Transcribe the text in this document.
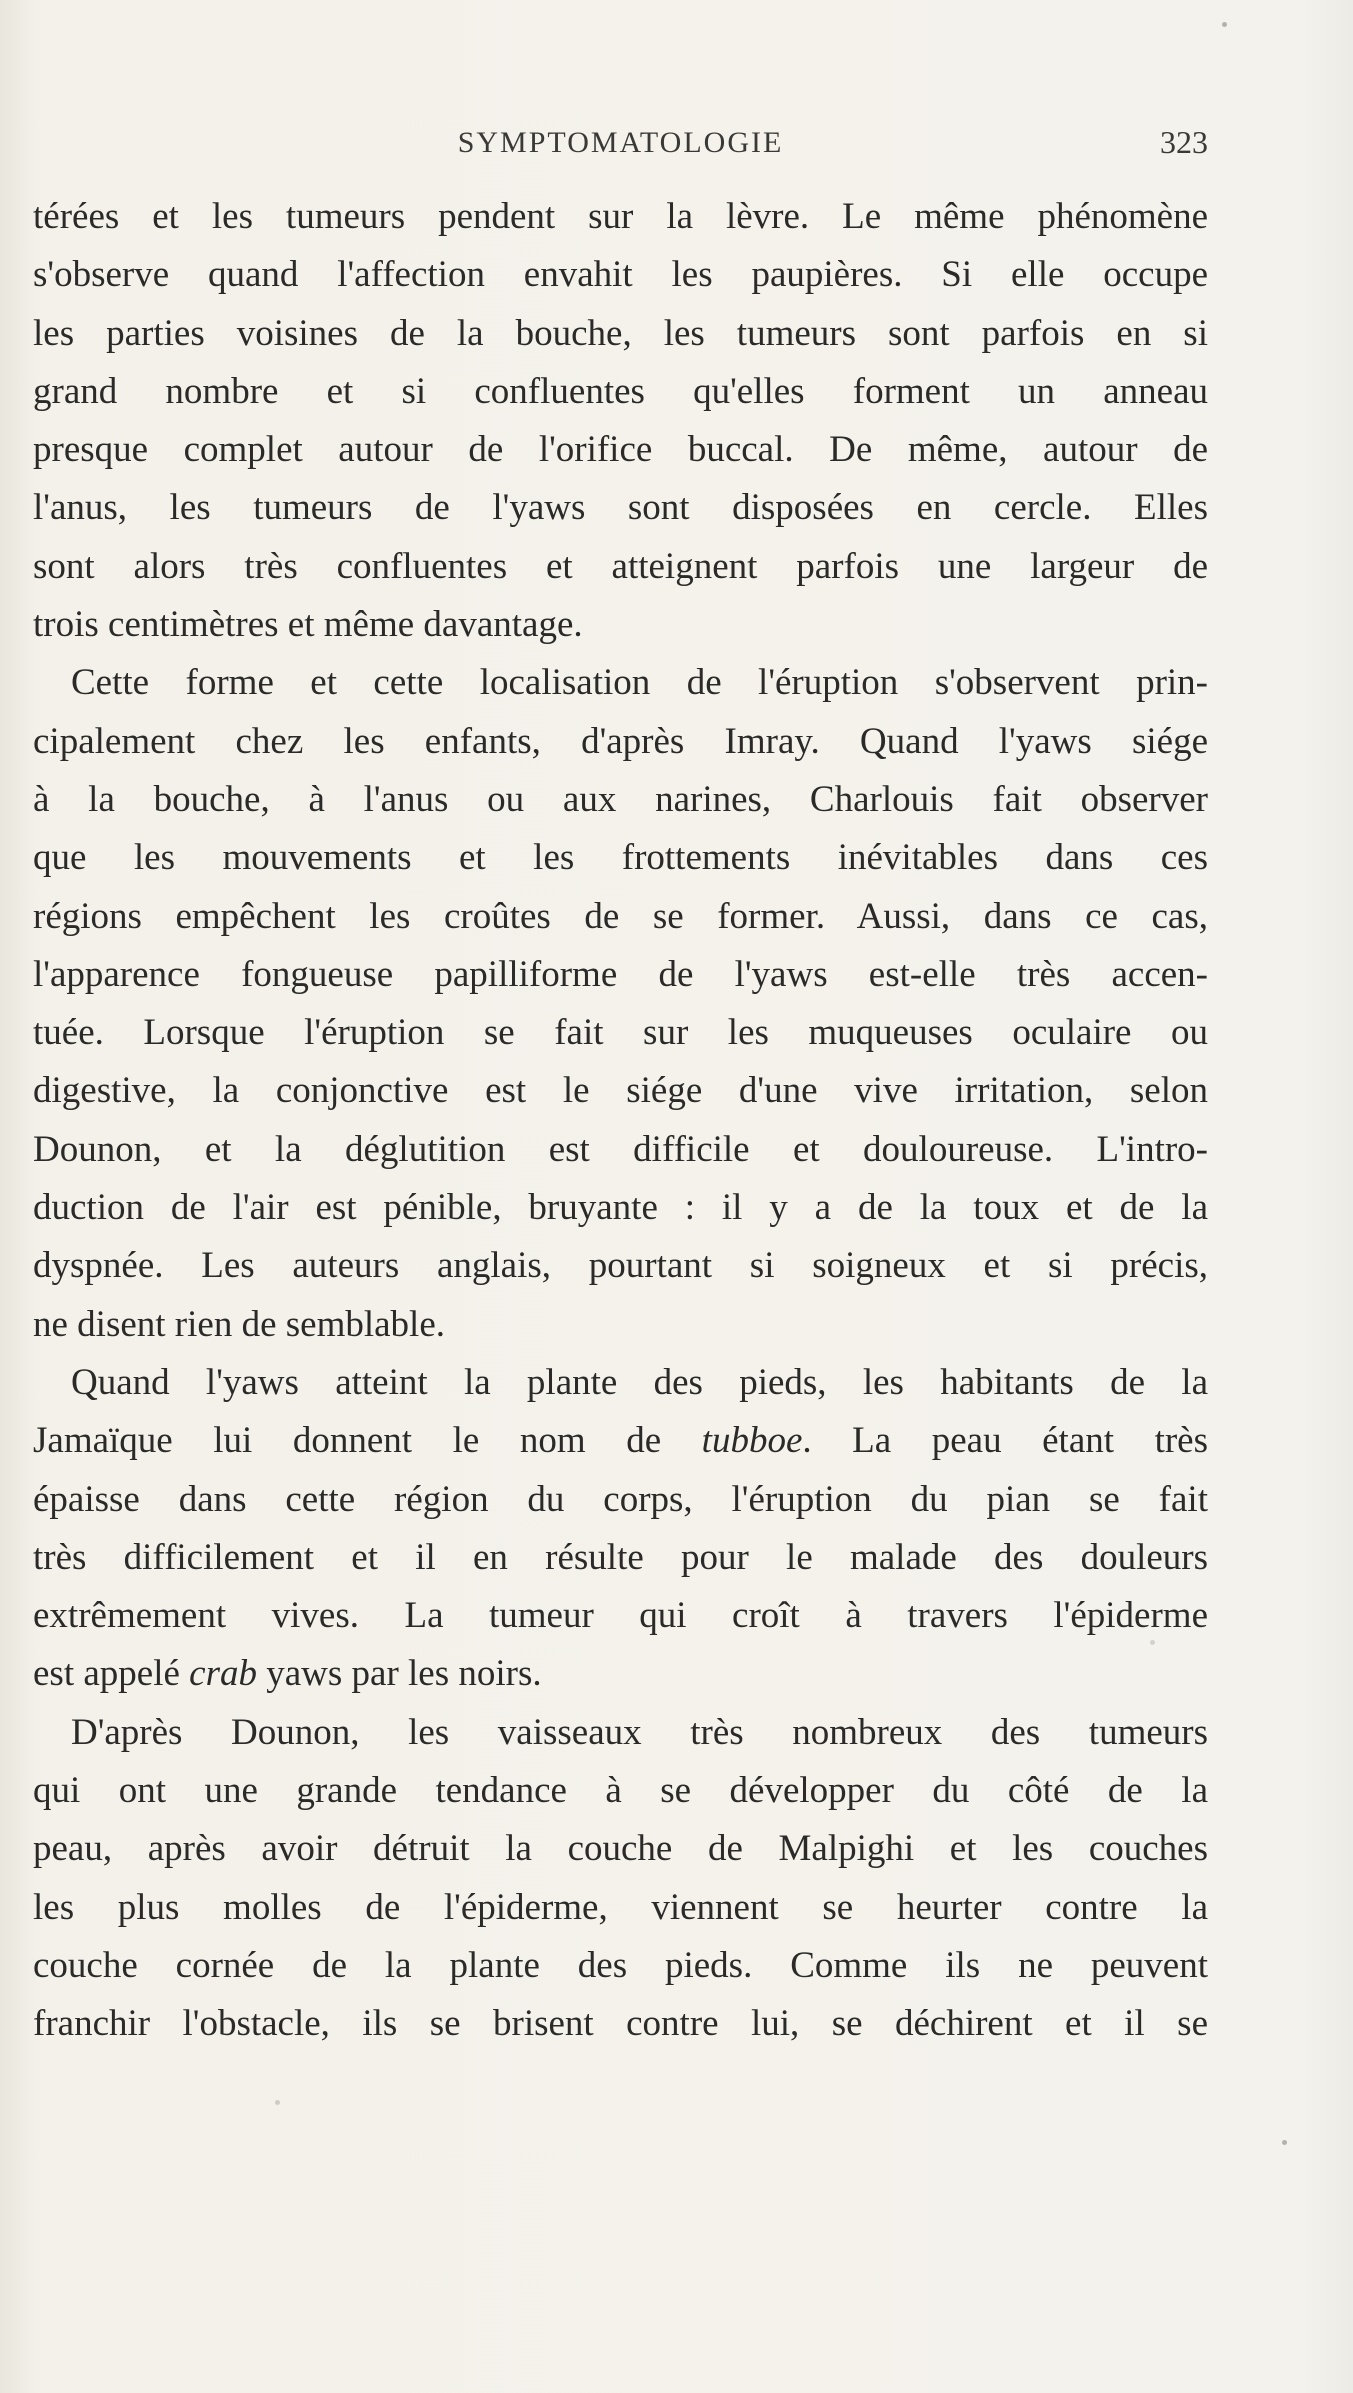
SYMPTOMATOLOGIE	323
térées et les tumeurs pendent sur la lèvre. Le même phénomène
s'observe quand l'affection envahit les paupières. Si elle occupe
les parties voisines de la bouche, les tumeurs sont parfois en si
grand nombre et si confluentes qu'elles forment un anneau
presque complet autour de l'orifice buccal. De même, autour de
l'anus, les tumeurs de l'yaws sont disposées en cercle. Elles
sont alors très confluentes et atteignent parfois une largeur de
trois centimètres et même davantage.
Cette forme et cette localisation de l'éruption s'observent prin-
cipalement chez les enfants, d'après Imray. Quand l'yaws siége
à la bouche, à l'anus ou aux narines, Charlouis fait observer
que les mouvements et les frottements inévitables dans ces
régions empêchent les croûtes de se former. Aussi, dans ce cas,
l'apparence fongueuse papilliforme de l'yaws est-elle très accen-
tuée. Lorsque l'éruption se fait sur les muqueuses oculaire ou
digestive, la conjonctive est le siége d'une vive irritation, selon
Dounon, et la déglutition est difficile et douloureuse. L'intro-
duction de l'air est pénible, bruyante : il y a de la toux et de la
dyspnée. Les auteurs anglais, pourtant si soigneux et si précis,
ne disent rien de semblable.
Quand l'yaws atteint la plante des pieds, les habitants de la
Jamaïque lui donnent le nom de tubboe. La peau étant très
épaisse dans cette région du corps, l'éruption du pian se fait
très difficilement et il en résulte pour le malade des douleurs
extrêmement vives. La tumeur qui croît à travers l'épiderme
est appelé crab yaws par les noirs.
D'après Dounon, les vaisseaux très nombreux des tumeurs
qui ont une grande tendance à se développer du côté de la
peau, après avoir détruit la couche de Malpighi et les couches
les plus molles de l'épiderme, viennent se heurter contre la
couche cornée de la plante des pieds. Comme ils ne peuvent
franchir l'obstacle, ils se brisent contre lui, se déchirent et il se
